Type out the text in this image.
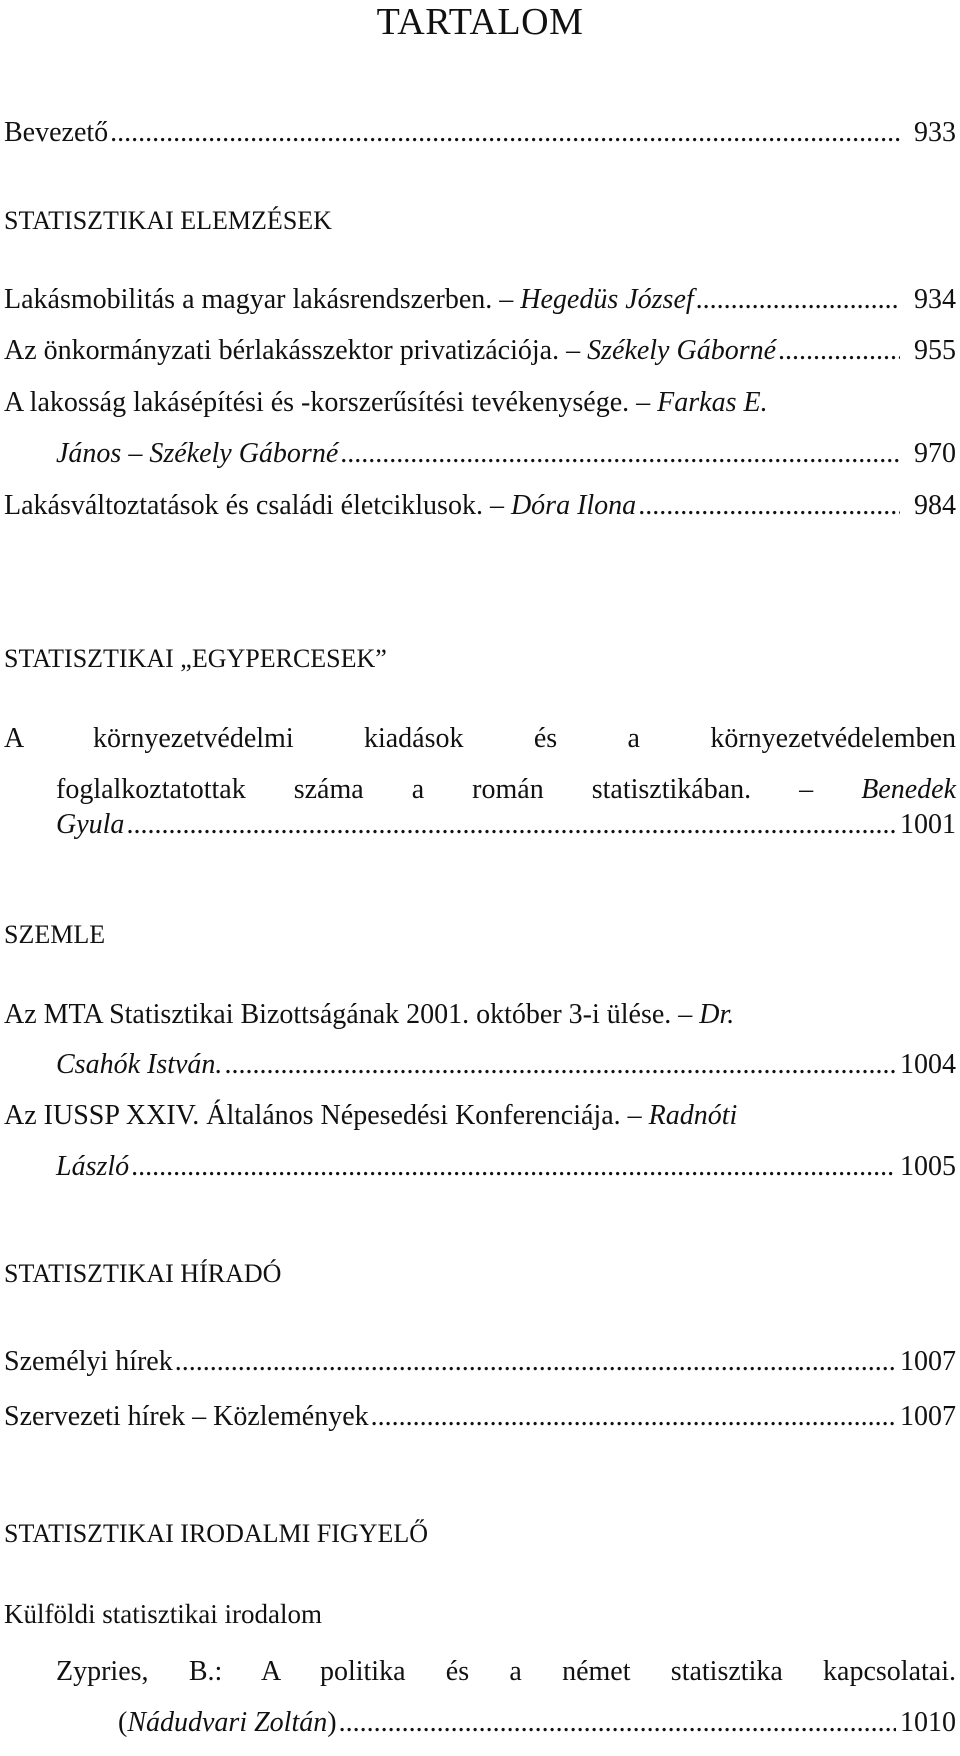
TARTALOM
Bevezető .....	933
STATISZTIKAI ELEMZÉSEK
Lakásmobilitás a magyar lakásrendszerben. – Hegedüs József .....	934
Az önkormányzati bérlakásszektor privatizációja. – Székely Gáborné .....	955
A lakosság lakásépítési és -korszerűsítési tevékenysége. – Farkas E.
János – Székely Gáborné .....	970
Lakásváltoztatások és családi életciklusok. – Dóra Ilona .....	984
STATISZTIKAI „EGYPERCESEK”
A környezetvédelmi kiadások és a környezetvédelemben
foglalkoztatottak száma a román statisztikában. – Benedek
Gyula .....	1001
SZEMLE
Az MTA Statisztikai Bizottságának 2001. október 3-i ülése. – Dr.
Csahók István. .....	1004
Az IUSSP XXIV. Általános Népesedési Konferenciája. – Radnóti
László .....	1005
STATISZTIKAI HÍRADÓ
Személyi hírek .....	1007
Szervezeti hírek – Közlemények .....	1007
STATISZTIKAI IRODALMI FIGYELŐ
Külföldi statisztikai irodalom
Zypries, B.: A politika és a német statisztika kapcsolatai.
(Nádudvari Zoltán) .....	1010
